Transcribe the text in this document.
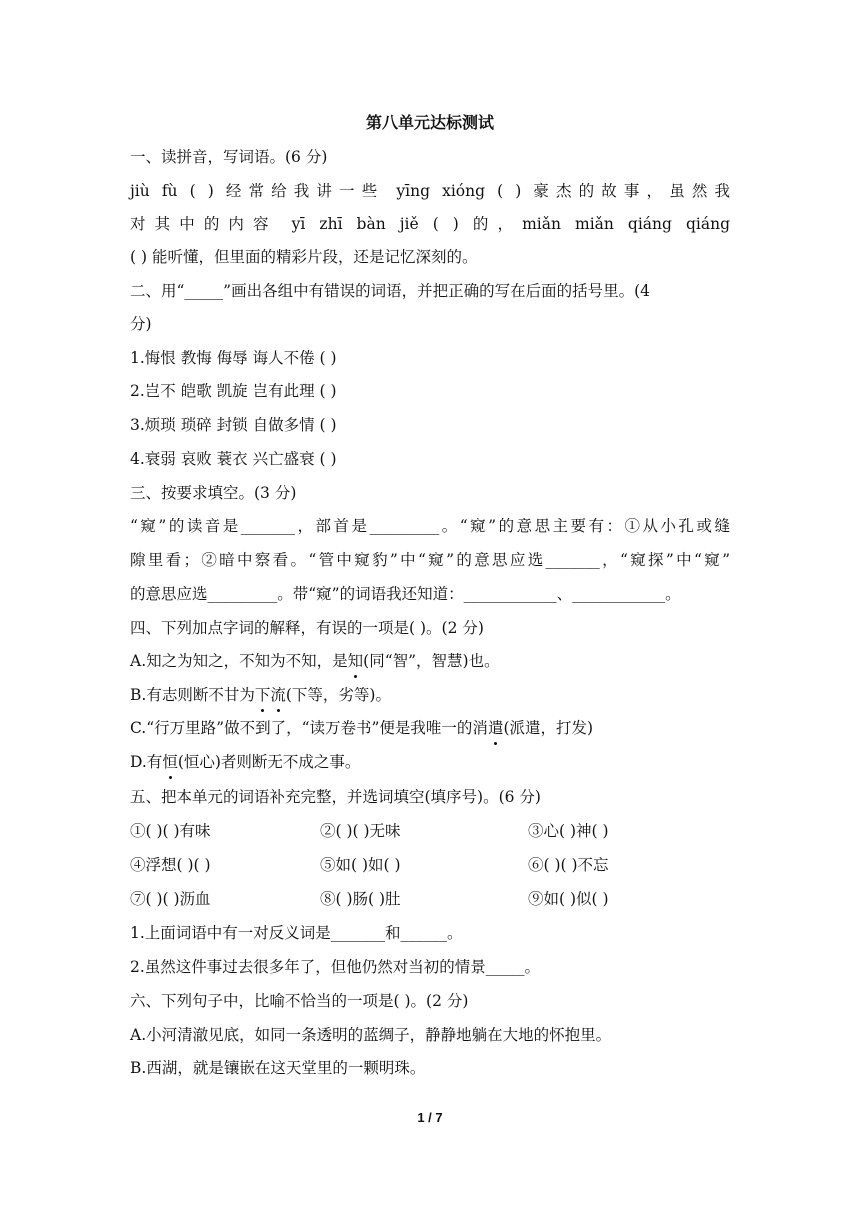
第八单元达标测试
一、读拼音，写词语。(6 分)
jiù fù ( ) 经常给我讲一些 yīng xióng ( ) 豪杰的故事，虽然我
对其中的内容 yī zhī bàn jiě ( ) 的，miǎn miǎn qiáng qiáng
( ) 能听懂，但里面的精彩片段，还是记忆深刻的。
二、用“_____”画出各组中有错误的词语，并把正确的写在后面的括号里。(4
分)
1.悔恨 教悔 侮辱 诲人不倦 ( )
2.岂不 皑歌 凯旋 岂有此理 ( )
3.烦琐 琐碎 封锁 自做多情 ( )
4.衰弱 哀败 蓑衣 兴亡盛衰 ( )
三、按要求填空。(3 分)
“窥”的读音是_______，部首是_________。“窥”的意思主要有：①从小孔或缝
隙里看；②暗中察看。“管中窥豹”中“窥”的意思应选_______，“窥探”中“窥”
的意思应选_________。带“窥”的词语我还知道：____________、____________。
四、下列加点字词的解释，有误的一项是( )。(2 分)
A.知之为知之，不知为不知，是知(同“智”，智慧)也。
B.有志则断不甘为下流(下等，劣等)。
C.“行万里路”做不到了，“读万卷书”便是我唯一的消遣(派遣，打发)
D.有恒(恒心)者则断无不成之事。
五、把本单元的词语补充完整，并选词填空(填序号)。(6 分)
①( )( )有味	②( )( )无味	③心( )神( )
④浮想( )( )	⑤如( )如( )	⑥( )( )不忘
⑦( )( )沥血	⑧( )肠( )肚	⑨如( )似( )
1.上面词语中有一对反义词是_______和______。
2.虽然这件事过去很多年了，但他仍然对当初的情景_____。
六、下列句子中，比喻不恰当的一项是( )。(2 分)
A.小河清澈见底，如同一条透明的蓝绸子，静静地躺在大地的怀抱里。
B.西湖，就是镶嵌在这天堂里的一颗明珠。
1 / 7
